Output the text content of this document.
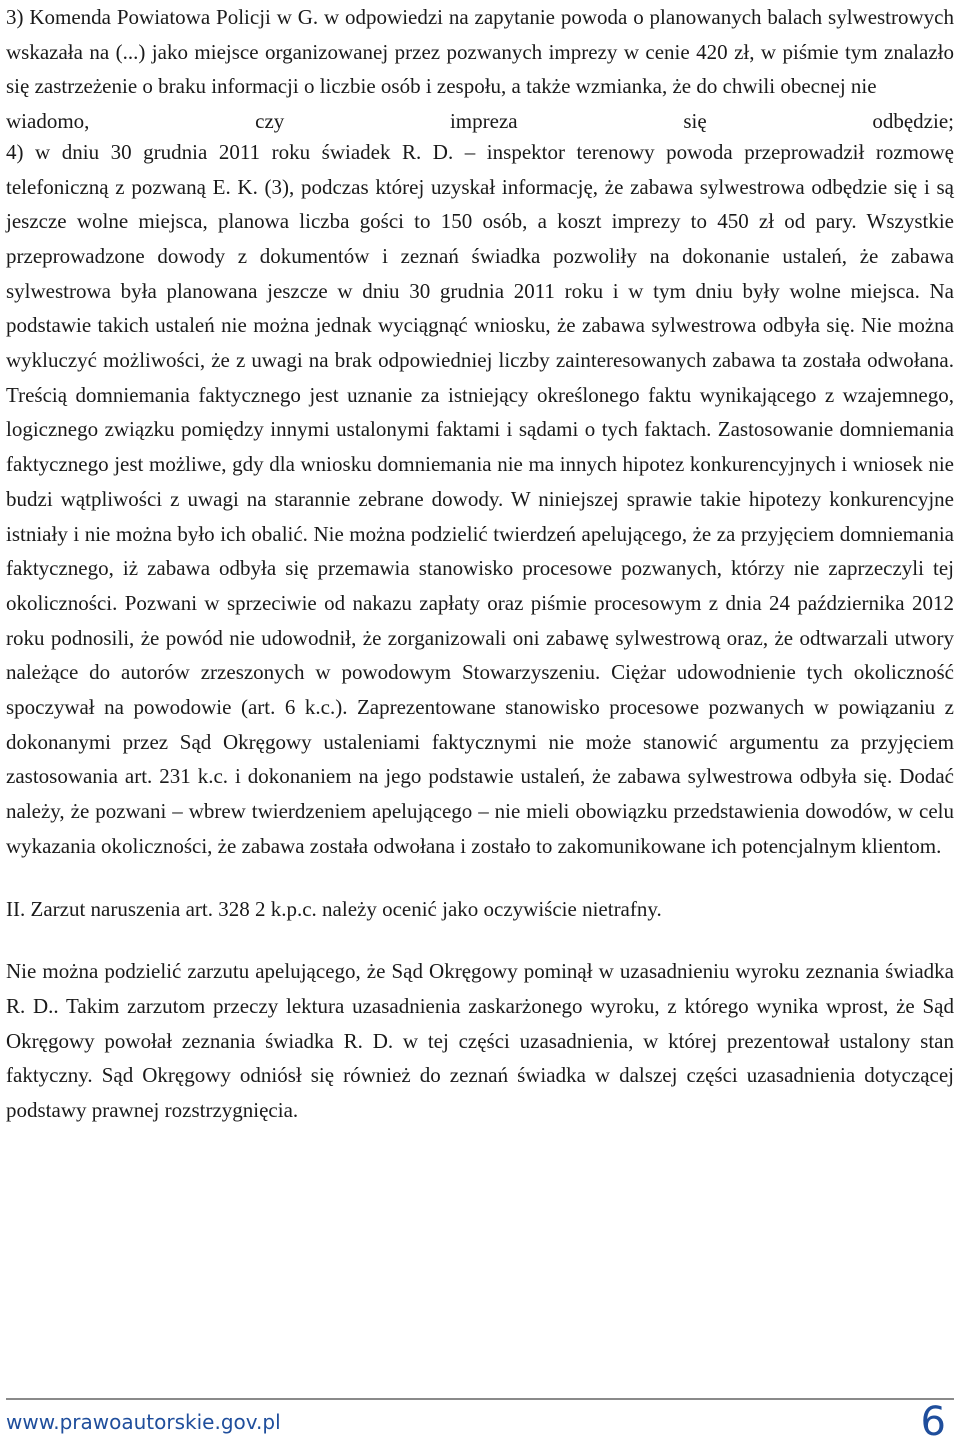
3) Komenda Powiatowa Policji w G. w odpowiedzi na zapytanie powoda o planowanych balach sylwestrowych wskazała na (...) jako miejsce organizowanej przez pozwanych imprezy w cenie 420 zł, w piśmie tym znalazło się zastrzeżenie o braku informacji o liczbie osób i zespołu, a także wzmianka, że do chwili obecnej nie
wiadomo, czy impreza się odbędzie;

4) w dniu 30 grudnia 2011 roku świadek R. D. – inspektor terenowy powoda przeprowadził rozmowę telefoniczną z pozwaną E. K. (3), podczas której uzyskał informację, że zabawa sylwestrowa odbędzie się i są jeszcze wolne miejsca, planowa liczba gości to 150 osób, a koszt imprezy to 450 zł od pary. Wszystkie przeprowadzone dowody z dokumentów i zeznań świadka pozwoliły na dokonanie ustaleń, że zabawa sylwestrowa była planowana jeszcze w dniu 30 grudnia 2011 roku i w tym dniu były wolne miejsca. Na podstawie takich ustaleń nie można jednak wyciągnąć wniosku, że zabawa sylwestrowa odbyła się. Nie można wykluczyć możliwości, że z uwagi na brak odpowiedniej liczby zainteresowanych zabawa ta została odwołana. Treścią domniemania faktycznego jest uznanie za istniejący określonego faktu wynikającego z wzajemnego, logicznego związku pomiędzy innymi ustalonymi faktami i sądami o tych faktach. Zastosowanie domniemania faktycznego jest możliwe, gdy dla wniosku domniemania nie ma innych hipotez konkurencyjnych i wniosek nie budzi wątpliwości z uwagi na starannie zebrane dowody. W niniejszej sprawie takie hipotezy konkurencyjne istniały i nie można było ich obalić. Nie można podzielić twierdzeń apelującego, że za przyjęciem domniemania faktycznego, iż zabawa odbyła się przemawia stanowisko procesowe pozwanych, którzy nie zaprzeczyli tej okoliczności. Pozwani w sprzeciwie od nakazu zapłaty oraz piśmie procesowym z dnia 24 października 2012 roku podnosili, że powód nie udowodnił, że zorganizowali oni zabawę sylwestrową oraz, że odtwarzali utwory należące do autorów zrzeszonych w powodowym Stowarzyszeniu. Ciężar udowodnienie tych okoliczność spoczywał na powodowie (art. 6 k.c.). Zaprezentowane stanowisko procesowe pozwanych w powiązaniu z dokonanymi przez Sąd Okręgowy ustaleniami faktycznymi nie może stanowić argumentu za przyjęciem zastosowania art. 231 k.c. i dokonaniem na jego podstawie ustaleń, że zabawa sylwestrowa odbyła się. Dodać należy, że pozwani – wbrew twierdzeniem apelującego – nie mieli obowiązku przedstawienia dowodów, w celu wykazania okoliczności, że zabawa została odwołana i zostało to zakomunikowane ich potencjalnym klientom.

II. Zarzut naruszenia art. 328 2 k.p.c. należy ocenić jako oczywiście nietrafny.

Nie można podzielić zarzutu apelującego, że Sąd Okręgowy pominął w uzasadnieniu wyroku zeznania świadka R. D.. Takim zarzutom przeczy lektura uzasadnienia zaskarżonego wyroku, z którego wynika wprost, że Sąd Okręgowy powołał zeznania świadka R. D. w tej części uzasadnienia, w której prezentował ustalony stan faktyczny. Sąd Okręgowy odniósł się również do zeznań świadka w dalszej części uzasadnienia dotyczącej podstawy prawnej rozstrzygnięcia.

www.prawoautorskie.gov.pl	6
